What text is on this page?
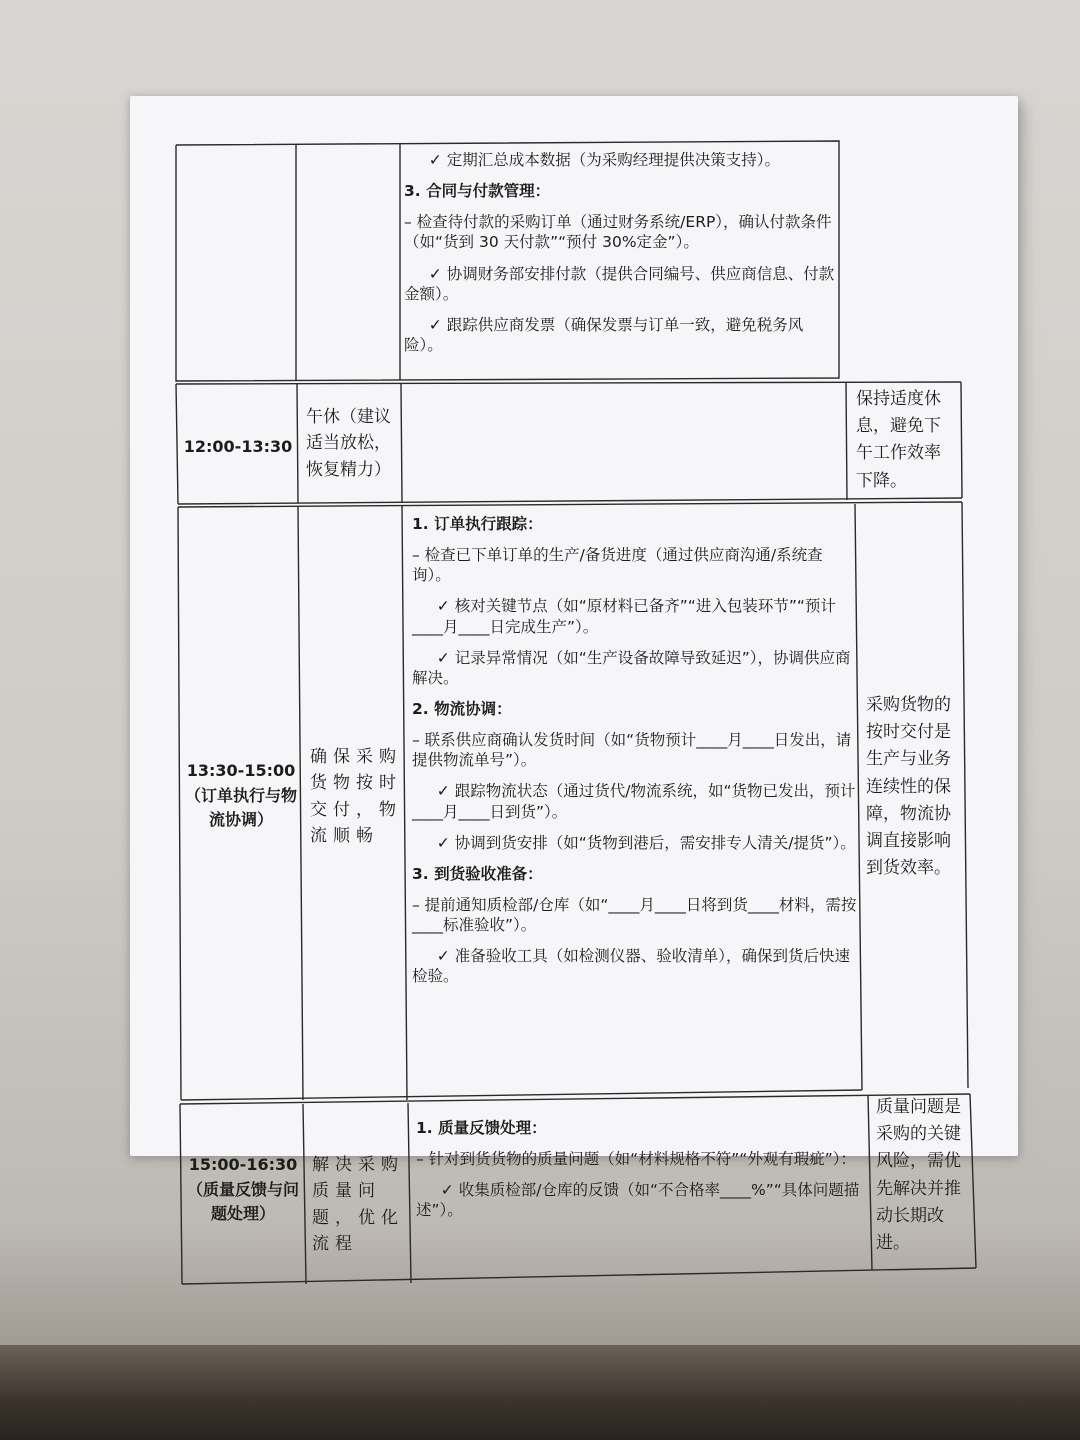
✓ 定期汇总成本数据（为采购经理提供决策支持）。

3. 合同与付款管理：

– 检查待付款的采购订单（通过财务系统/ERP），确认付款条件（如“货到 30 天付款”“预付 30%定金”）。

✓ 协调财务部安排付款（提供合同编号、供应商信息、付款金额）。

✓ 跟踪供应商发票（确保发票与订单一致，避免税务风险）。

12:00-13:30
午休（建议适当放松，恢复精力）
保持适度休息，避免下午工作效率下降。
13:30-15:00
（订单执行与物流协调）
确保采购货物按时交付，物流顺畅

1. 订单执行跟踪：

– 检查已下单订单的生产/备货进度（通过供应商沟通/系统查询）。

✓ 核对关键节点（如“原材料已备齐”“进入包装环节”“预计____月____日完成生产”）。

✓ 记录异常情况（如“生产设备故障导致延迟”），协调供应商解决。

2. 物流协调：

– 联系供应商确认发货时间（如“货物预计____月____日发出，请提供物流单号”）。

✓ 跟踪物流状态（通过货代/物流系统，如“货物已发出，预计____月____日到货”）。

✓ 协调到货安排（如“货物到港后，需安排专人清关/提货”）。

3. 到货验收准备：

– 提前通知质检部/仓库（如“____月____日将到货____材料，需按____标准验收”）。

✓ 准备验收工具（如检测仪器、验收清单），确保到货后快速检验。

采购货物的按时交付是生产与业务连续性的保障，物流协调直接影响到货效率。
15:00-16:30
（质量反馈与问题处理）
解决采购质量问题，优化流程

1. 质量反馈处理：

– 针对到货货物的质量问题（如“材料规格不符”“外观有瑕疵”）：

✓ 收集质检部/仓库的反馈（如“不合格率____%”“具体问题描述”）。

质量问题是采购的关键风险，需优先解决并推动长期改进。
